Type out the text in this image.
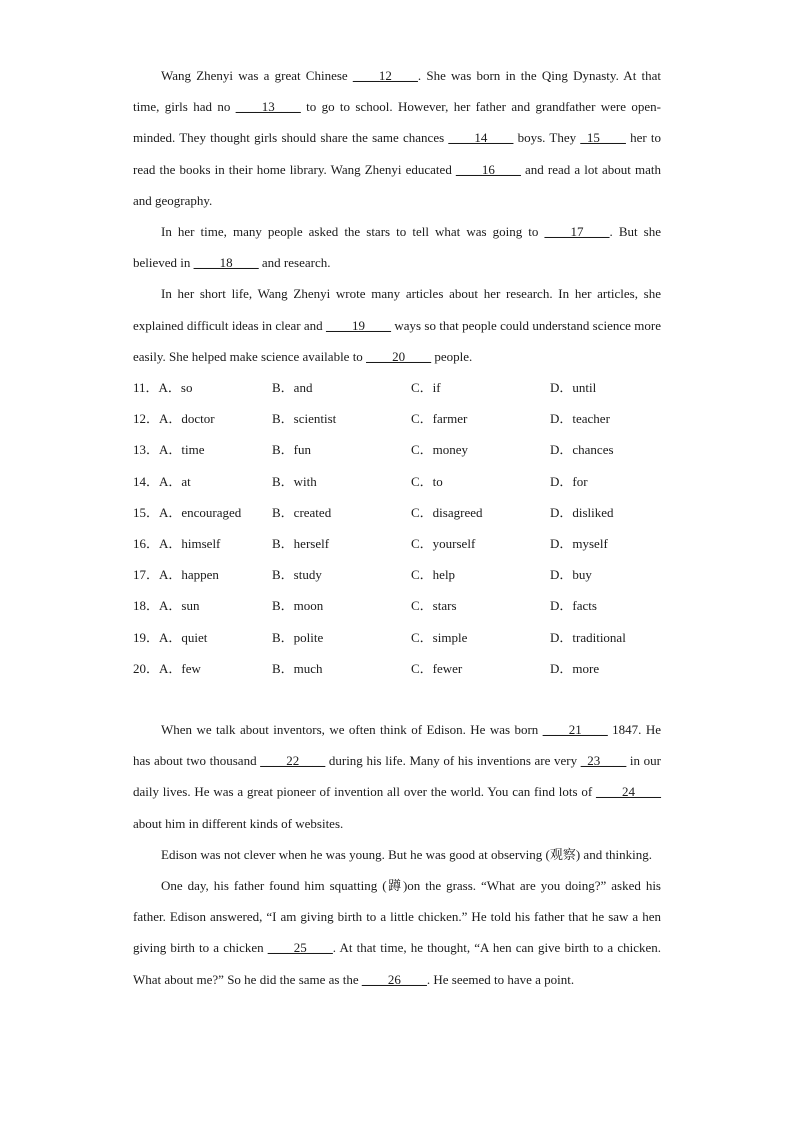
Wang Zhenyi was a great Chinese ____12____. She was born in the Qing Dynasty. At that time, girls had no ____13____ to go to school. However, her father and grandfather were open-minded. They thought girls should share the same chances ____14____ boys. They _15____ her to read the books in their home library. Wang Zhenyi educated ____16____ and read a lot about math and geography.

In her time, many people asked the stars to tell what was going to ____17____. But she believed in ____18____ and research.

In her short life, Wang Zhenyi wrote many articles about her research. In her articles, she explained difficult ideas in clear and ____19____ ways so that people could understand science more easily. She helped make science available to ____20____ people.

11．A．so	B．and	C．if	D．until
12．A．doctor	B．scientist	C．farmer	D．teacher
13．A．time	B．fun	C．money	D．chances
14．A．at	B．with	C．to	D．for
15．A．encouraged	B．created	C．disagreed	D．disliked
16．A．himself	B．herself	C．yourself	D．myself
17．A．happen	B．study	C．help	D．buy
18．A．sun	B．moon	C．stars	D．facts
19．A．quiet	B．polite	C．simple	D．traditional
20．A．few	B．much	C．fewer	D．more

When we talk about inventors, we often think of Edison. He was born ____21____ 1847. He has about two thousand ____22____ during his life. Many of his inventions are very _23____ in our daily lives. He was a great pioneer of invention all over the world. You can find lots of ____24____ about him in different kinds of websites.

Edison was not clever when he was young. But he was good at observing (观察) and thinking.

One day, his father found him squatting (蹲)on the grass. “What are you doing?” asked his father. Edison answered, “I am giving birth to a little chicken.” He told his father that he saw a hen giving birth to a chicken ____25____. At that time, he thought, “A hen can give birth to a chicken. What about me?” So he did the same as the ____26____. He seemed to have a point.
